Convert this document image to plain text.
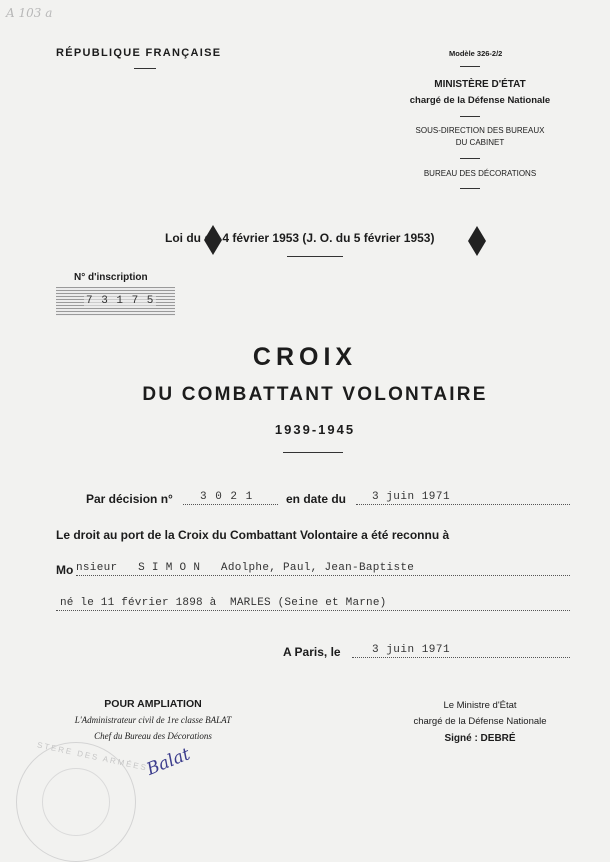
A 103 a
RÉPUBLIQUE FRANÇAISE	Modèle 326-2/2
MINISTÈRE D'ÉTAT
chargé de la Défense Nationale
SOUS-DIRECTION DES BUREAUX
DU CABINET
BUREAU DES DÉCORATIONS
Loi du 4 février 1953 (J. O. du 5 février 1953)
N° d'inscription
7 3 1 7 5
CROIX
DU COMBATTANT VOLONTAIRE
1939-1945
Par décision n° 3 0 2 1	en date du 3 juin 1971
Le droit au port de la Croix du Combattant Volontaire a été reconnu à
Mo nsieur   S I M O N   Adolphe, Paul, Jean-Baptiste
né le 11 février 1898 à  MARLES (Seine et Marne)
A Paris, le	3 juin 1971
POUR AMPLIATION
L'Administrateur civil de 1re classe BALAT
Chef du Bureau des Décorations
Balat
STERE DES ARMÉES
Le Ministre d'État
chargé de la Défense Nationale
Signé : DEBRÉ
